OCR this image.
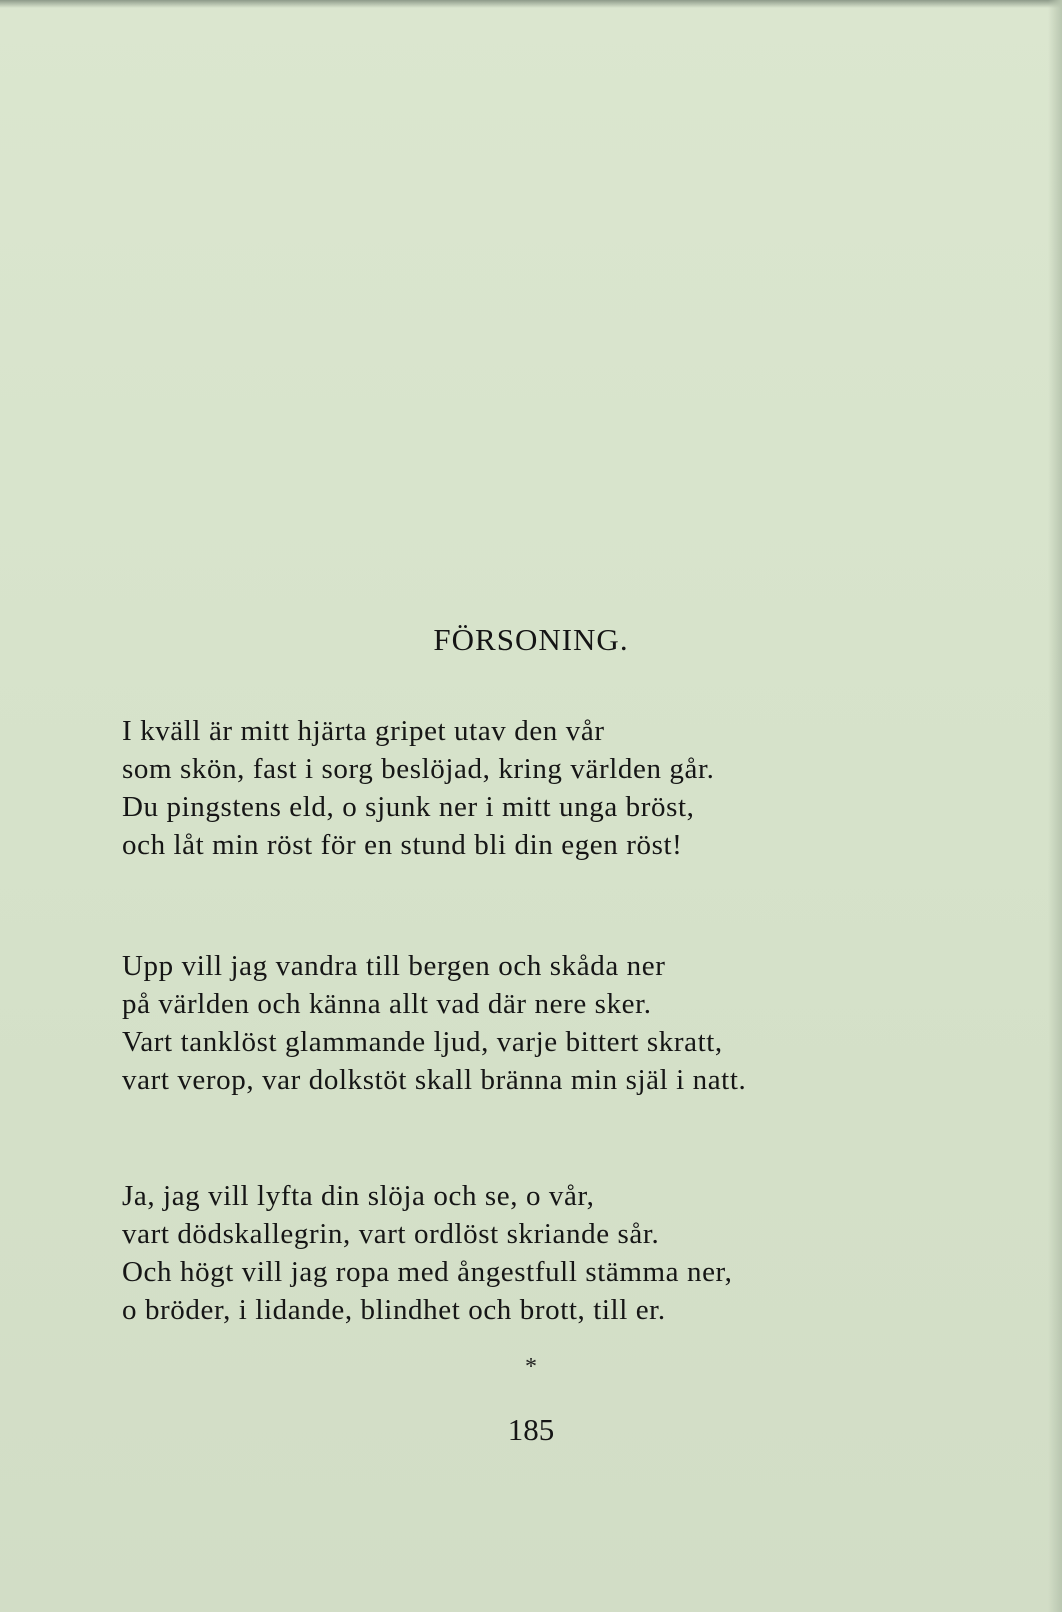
FÖRSONING.
I kväll är mitt hjärta gripet utav den vår
som skön, fast i sorg beslöjad, kring världen går.
Du pingstens eld, o sjunk ner i mitt unga bröst,
och låt min röst för en stund bli din egen röst!
Upp vill jag vandra till bergen och skåda ner
på världen och känna allt vad där nere sker.
Vart tanklöst glammande ljud, varje bittert skratt,
vart verop, var dolkstöt skall bränna min själ i natt.
Ja, jag vill lyfta din slöja och se, o vår,
vart dödskallegrin, vart ordlöst skriande sår.
Och högt vill jag ropa med ångestfull stämma ner,
o bröder, i lidande, blindhet och brott, till er.
*
185
